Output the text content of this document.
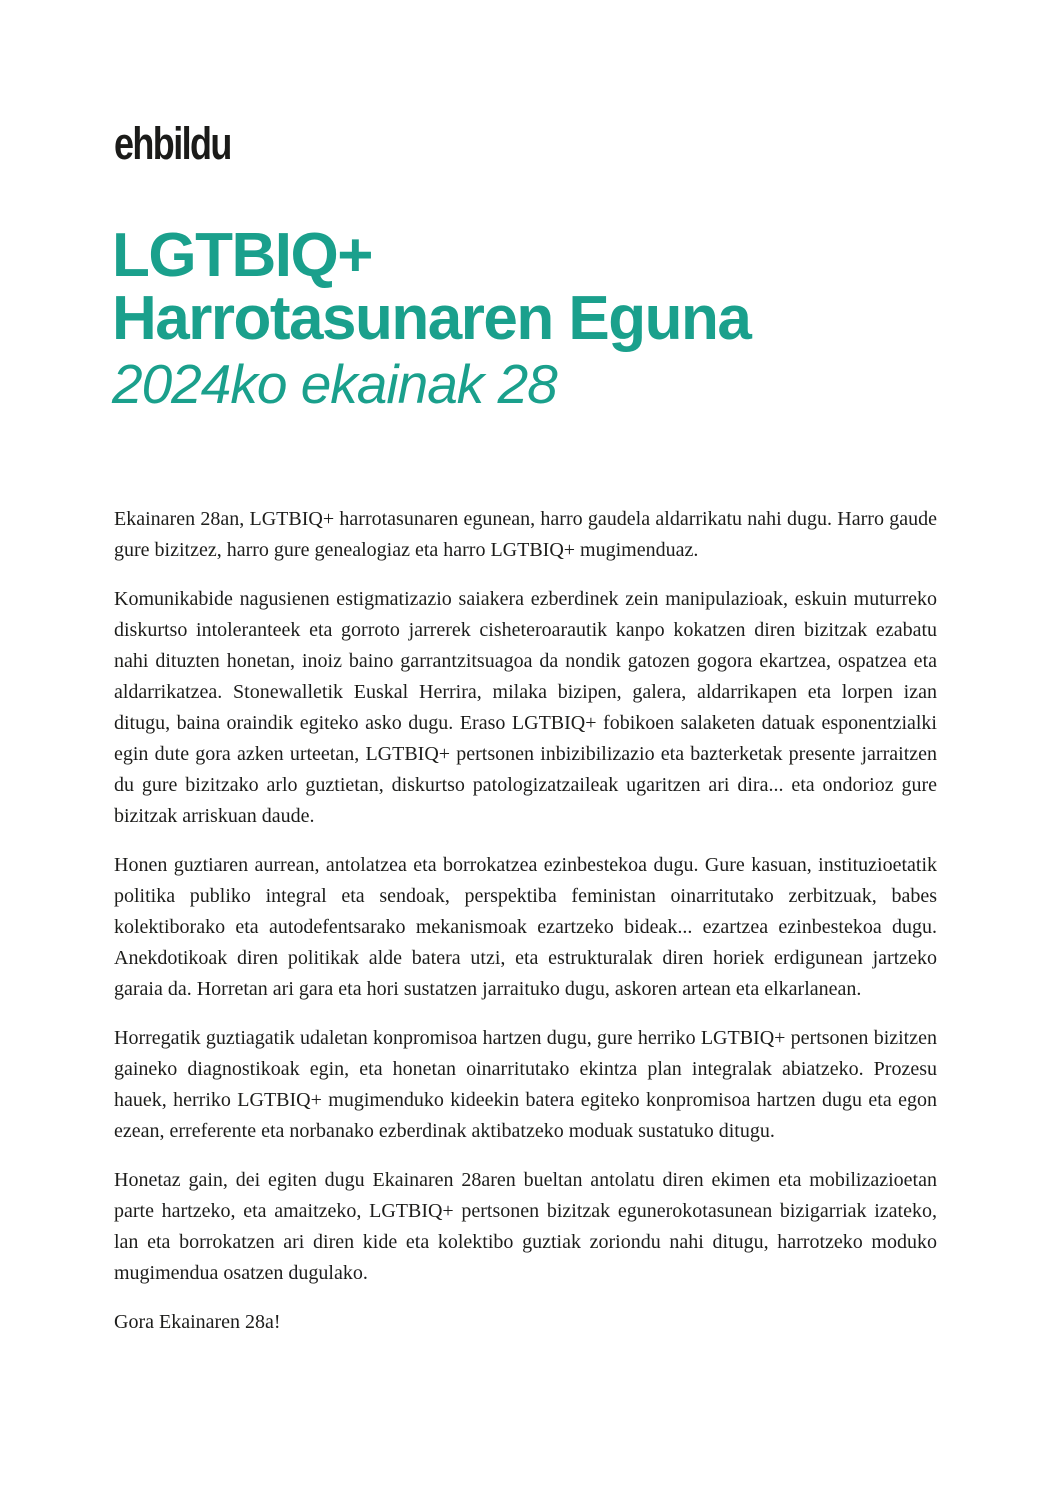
ehbildu
LGTBIQ+
Harrotasunaren Eguna
2024ko ekainak 28

Ekainaren 28an, LGTBIQ+ harrotasunaren egunean, harro gaudela aldarrikatu nahi dugu. Harro gaude gure bizitzez, harro gure genealogiaz eta harro LGTBIQ+ mugimenduaz.

Komunikabide nagusienen estigmatizazio saiakera ezberdinek zein manipulazioak, eskuin muturreko diskurtso intoleranteek eta gorroto jarrerek cisheteroarautik kanpo kokatzen diren bizitzak ezabatu nahi dituzten honetan, inoiz baino garrantzitsuagoa da nondik gatozen gogora ekartzea, ospatzea eta aldarrikatzea. Stonewalletik Euskal Herrira, milaka bizipen, galera, aldarrikapen eta lorpen izan ditugu, baina oraindik egiteko asko dugu. Eraso LGTBIQ+ fobikoen salaketen datuak esponentzialki egin dute gora azken urteetan, LGTBIQ+ pertsonen inbizibilizazio eta bazterketak presente jarraitzen du gure bizitzako arlo guztietan, diskurtso patologizatzaileak ugaritzen ari dira... eta ondorioz gure bizitzak arriskuan daude.

Honen guztiaren aurrean, antolatzea eta borrokatzea ezinbestekoa dugu. Gure kasuan, instituzioetatik politika publiko integral eta sendoak, perspektiba feministan oinarritutako zerbitzuak, babes kolektiborako eta autodefentsarako mekanismoak ezartzeko bideak... ezartzea ezinbestekoa dugu. Anekdotikoak diren politikak alde batera utzi, eta estrukturalak diren horiek erdigunean jartzeko garaia da. Horretan ari gara eta hori sustatzen jarraituko dugu, askoren artean eta elkarlanean.

Horregatik guztiagatik udaletan konpromisoa hartzen dugu, gure herriko LGTBIQ+ pertsonen bizitzen gaineko diagnostikoak egin, eta honetan oinarritutako ekintza plan integralak abiatzeko. Prozesu hauek, herriko LGTBIQ+ mugimenduko kideekin batera egiteko konpromisoa hartzen dugu eta egon ezean, erreferente eta norbanako ezberdinak aktibatzeko moduak sustatuko ditugu.

Honetaz gain, dei egiten dugu Ekainaren 28aren bueltan antolatu diren ekimen eta mobilizazioetan parte hartzeko, eta amaitzeko, LGTBIQ+ pertsonen bizitzak egunerokotasunean bizigarriak izateko, lan eta borrokatzen ari diren kide eta kolektibo guztiak zoriondu nahi ditugu, harrotzeko moduko mugimendua osatzen dugulako.

Gora Ekainaren 28a!
